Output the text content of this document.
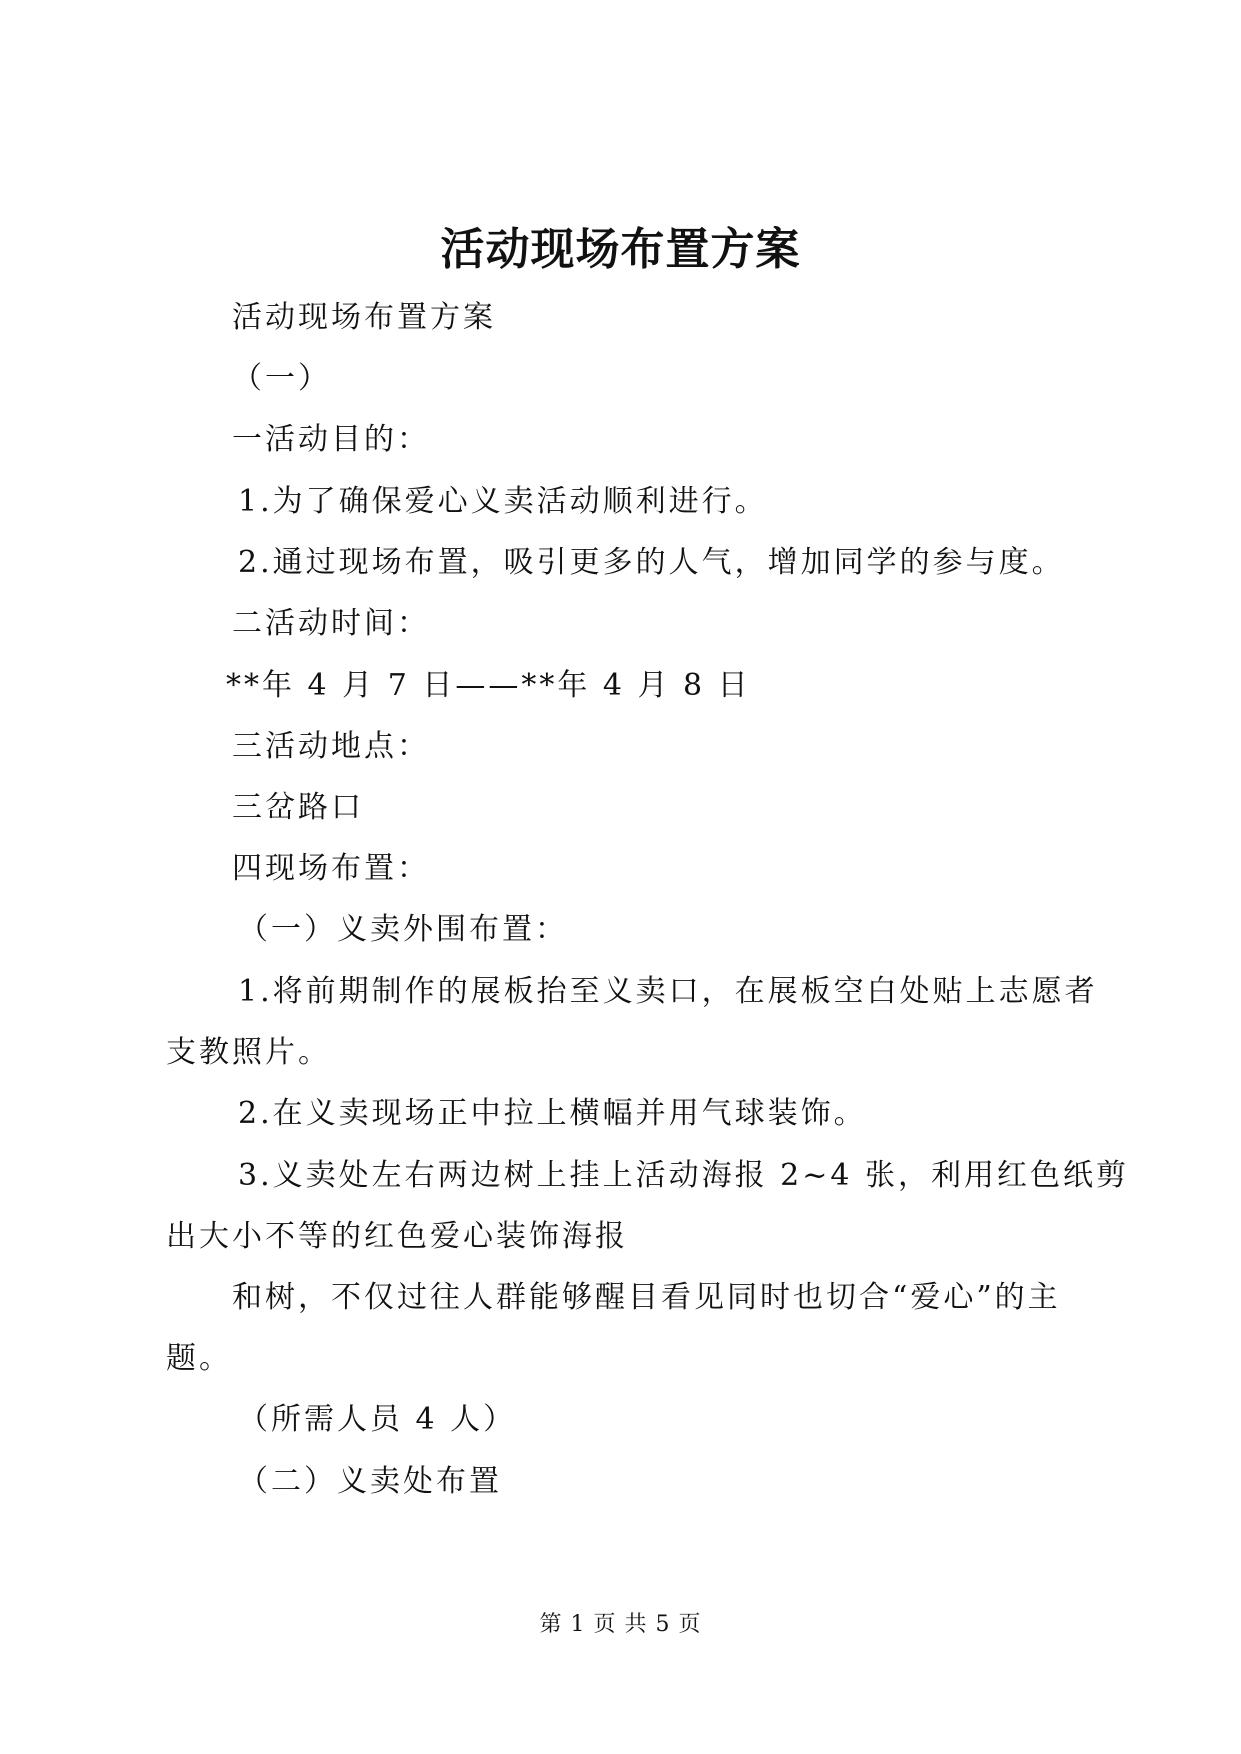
活动现场布置方案
活动现场布置方案
（一）
一活动目的：
1.为了确保爱心义卖活动顺利进行。
2.通过现场布置，吸引更多的人气，增加同学的参与度。
二活动时间：
**年 4 月 7 日——**年 4 月 8 日
三活动地点：
三岔路口
四现场布置：
（一）义卖外围布置：
1.将前期制作的展板抬至义卖口，在展板空白处贴上志愿者
支教照片。
2.在义卖现场正中拉上横幅并用气球装饰。
3.义卖处左右两边树上挂上活动海报 2~4 张，利用红色纸剪
出大小不等的红色爱心装饰海报
和树，不仅过往人群能够醒目看见同时也切合“爱心”的主
题。
（所需人员 4 人）
（二）义卖处布置
第 1 页 共 5 页
